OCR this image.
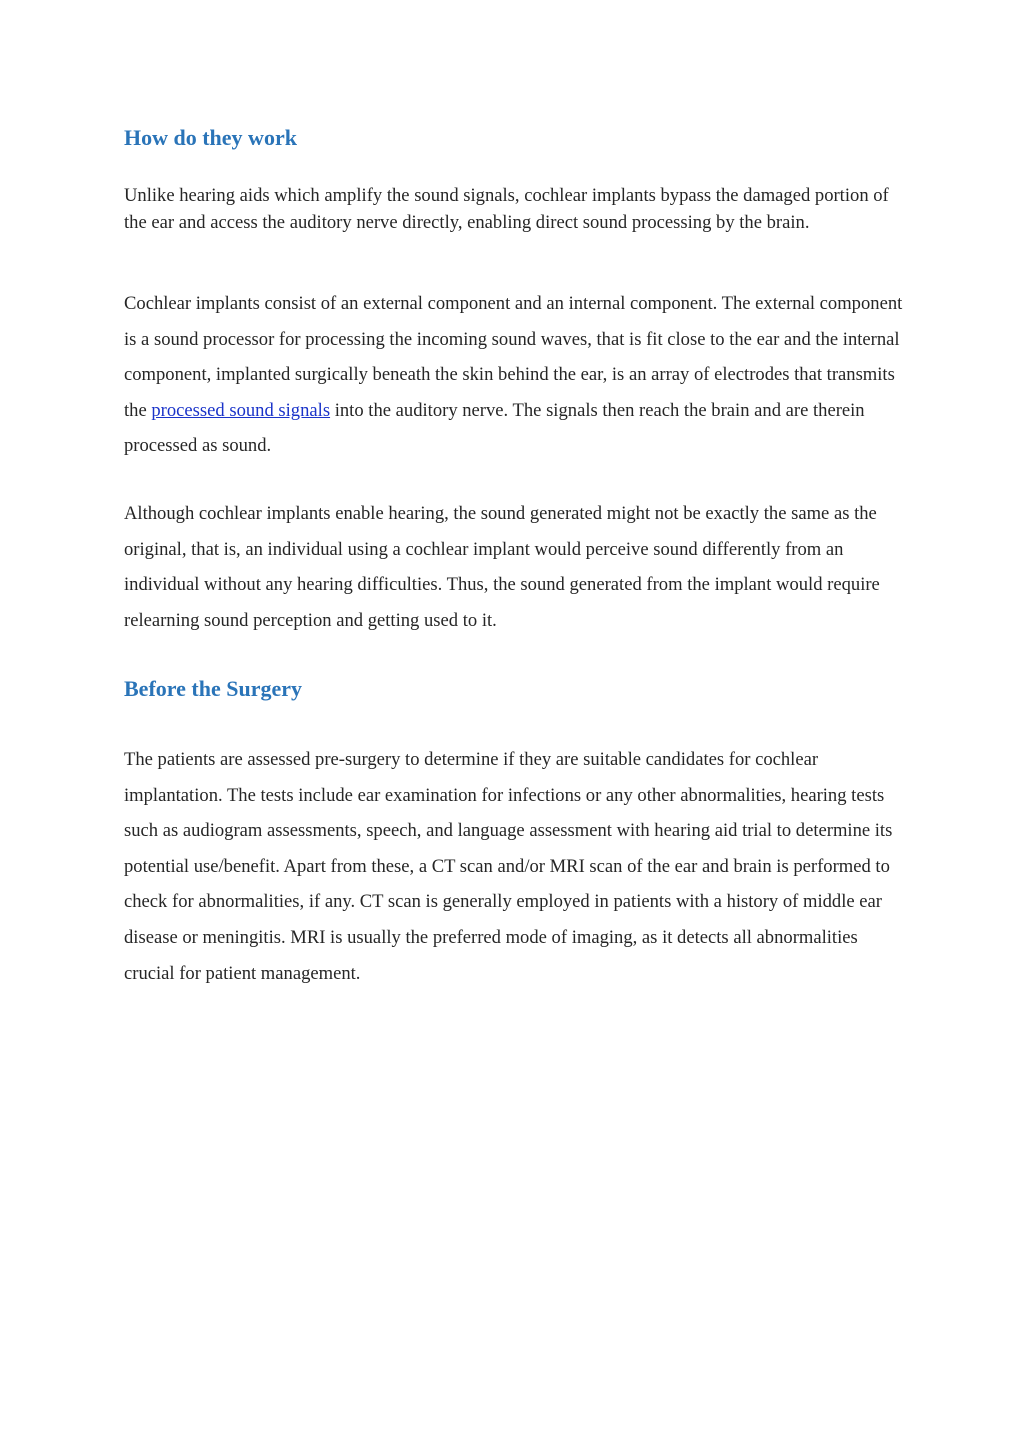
How do they work

Unlike hearing aids which amplify the sound signals, cochlear implants bypass the damaged portion of the ear and access the auditory nerve directly, enabling direct sound processing by the brain.

Cochlear implants consist of an external component and an internal component. The external component is a sound processor for processing the incoming sound waves, that is fit close to the ear and the internal component, implanted surgically beneath the skin behind the ear, is an array of electrodes that transmits the processed sound signals into the auditory nerve. The signals then reach the brain and are therein processed as sound.

Although cochlear implants enable hearing, the sound generated might not be exactly the same as the original, that is, an individual using a cochlear implant would perceive sound differently from an individual without any hearing difficulties. Thus, the sound generated from the implant would require relearning sound perception and getting used to it.

Before the Surgery

The patients are assessed pre-surgery to determine if they are suitable candidates for cochlear implantation. The tests include ear examination for infections or any other abnormalities, hearing tests such as audiogram assessments, speech, and language assessment with hearing aid trial to determine its potential use/benefit. Apart from these, a CT scan and/or MRI scan of the ear and brain is performed to check for abnormalities, if any. CT scan is generally employed in patients with a history of middle ear disease or meningitis. MRI is usually the preferred mode of imaging, as it detects all abnormalities crucial for patient management.
